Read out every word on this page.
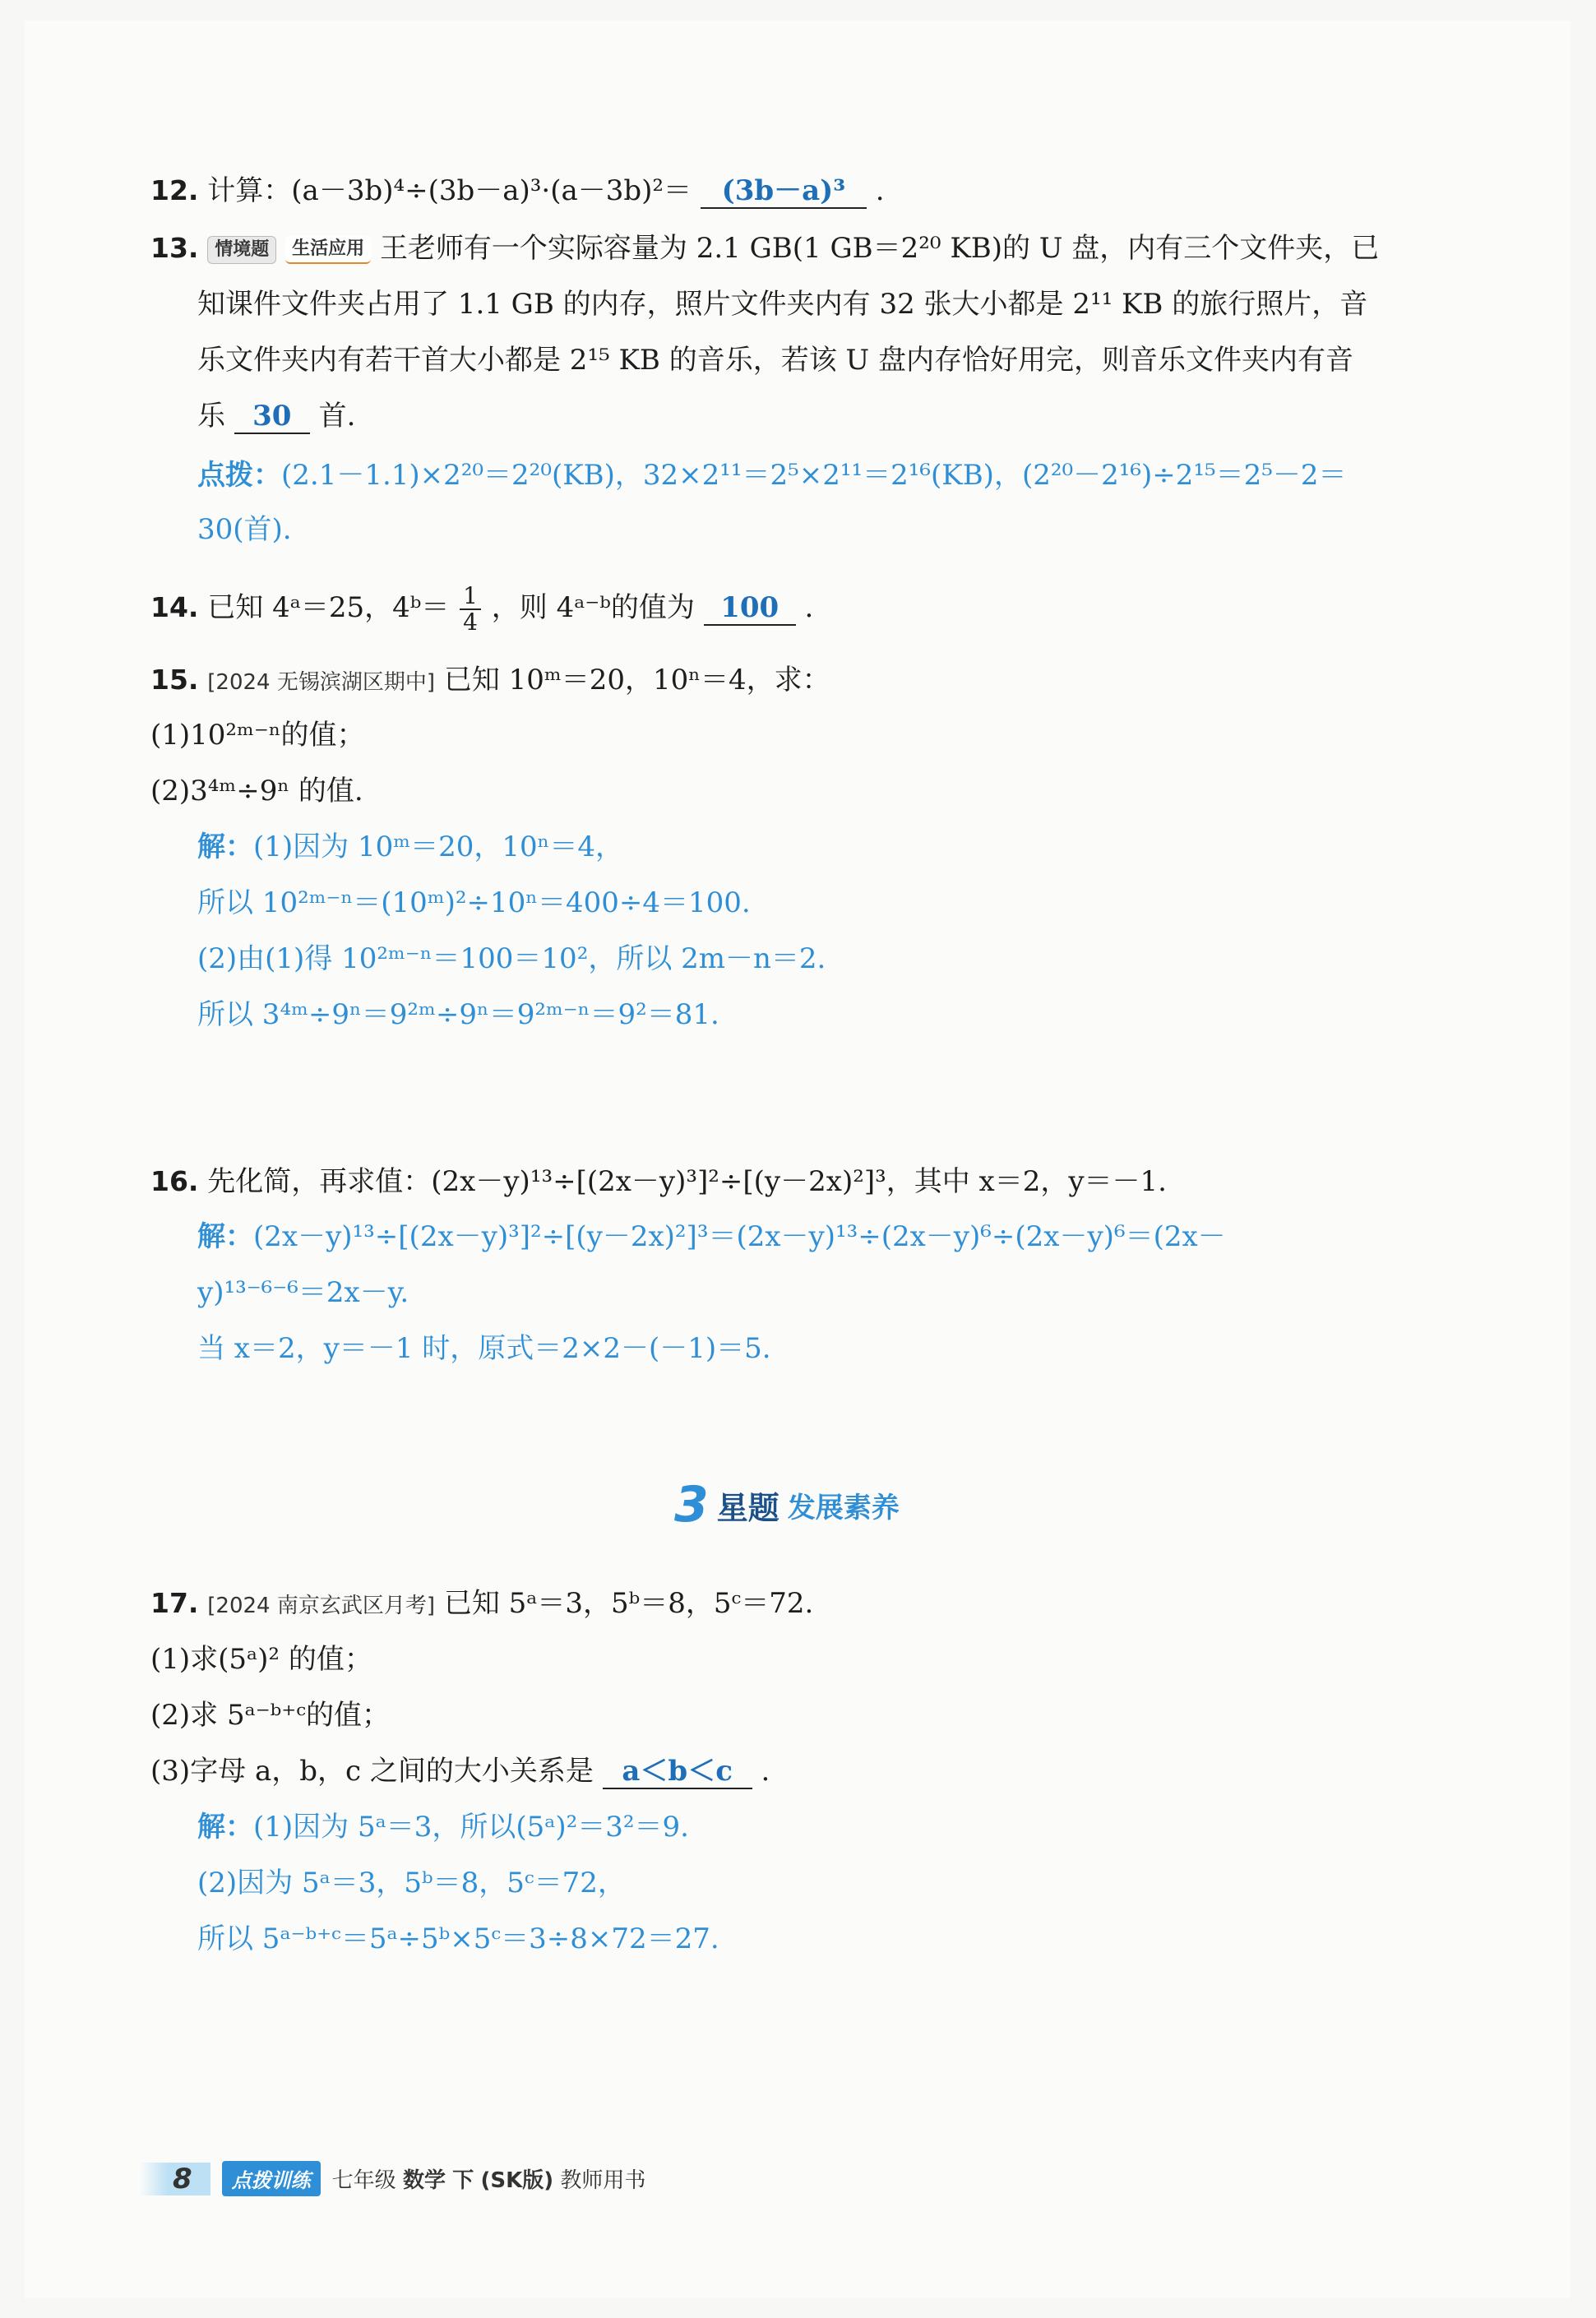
12. 计算：(a－3b)⁴÷(3b－a)³·(a－3b)²＝ (3b－a)³ .
13. 情境题 生活应用 王老师有一个实际容量为 2.1 GB(1 GB＝2²⁰ KB)的 U 盘，内有三个文件夹，已
知课件文件夹占用了 1.1 GB 的内存，照片文件夹内有 32 张大小都是 2¹¹ KB 的旅行照片，音
乐文件夹内有若干首大小都是 2¹⁵ KB 的音乐，若该 U 盘内存恰好用完，则音乐文件夹内有音
乐 30 首.
点拨：(2.1－1.1)×2²⁰＝2²⁰(KB)，32×2¹¹＝2⁵×2¹¹＝2¹⁶(KB)，(2²⁰－2¹⁶)÷2¹⁵＝2⁵－2＝
30(首).
14. 已知 4ᵃ＝25，4ᵇ＝ $\frac{1}{4}$ ，则 4ᵃ⁻ᵇ的值为 100 .
15. [2024 无锡滨湖区期中] 已知 10ᵐ＝20，10ⁿ＝4，求：
(1)10²ᵐ⁻ⁿ的值；
(2)3⁴ᵐ÷9ⁿ 的值.
解：(1)因为 10ᵐ＝20，10ⁿ＝4，
所以 10²ᵐ⁻ⁿ＝(10ᵐ)²÷10ⁿ＝400÷4＝100.
(2)由(1)得 10²ᵐ⁻ⁿ＝100＝10²，所以 2m－n＝2.
所以 3⁴ᵐ÷9ⁿ＝9²ᵐ÷9ⁿ＝9²ᵐ⁻ⁿ＝9²＝81.
16. 先化简，再求值：(2x－y)¹³÷[(2x－y)³]²÷[(y－2x)²]³，其中 x＝2，y＝－1.
解：(2x－y)¹³÷[(2x－y)³]²÷[(y－2x)²]³＝(2x－y)¹³÷(2x－y)⁶÷(2x－y)⁶＝(2x－
y)¹³⁻⁶⁻⁶＝2x－y.
当 x＝2，y＝－1 时，原式＝2×2－(－1)＝5.
3 星题 发展素养
17. [2024 南京玄武区月考] 已知 5ᵃ＝3，5ᵇ＝8，5ᶜ＝72.
(1)求(5ᵃ)² 的值；
(2)求 5ᵃ⁻ᵇ⁺ᶜ的值；
(3)字母 a，b，c 之间的大小关系是 a＜b＜c .
解：(1)因为 5ᵃ＝3，所以(5ᵃ)²＝3²＝9.
(2)因为 5ᵃ＝3，5ᵇ＝8，5ᶜ＝72，
所以 5ᵃ⁻ᵇ⁺ᶜ＝5ᵃ÷5ᵇ×5ᶜ＝3÷8×72＝27.
8	点拨训练	七年级 数学 下 (SK版) 教师用书
